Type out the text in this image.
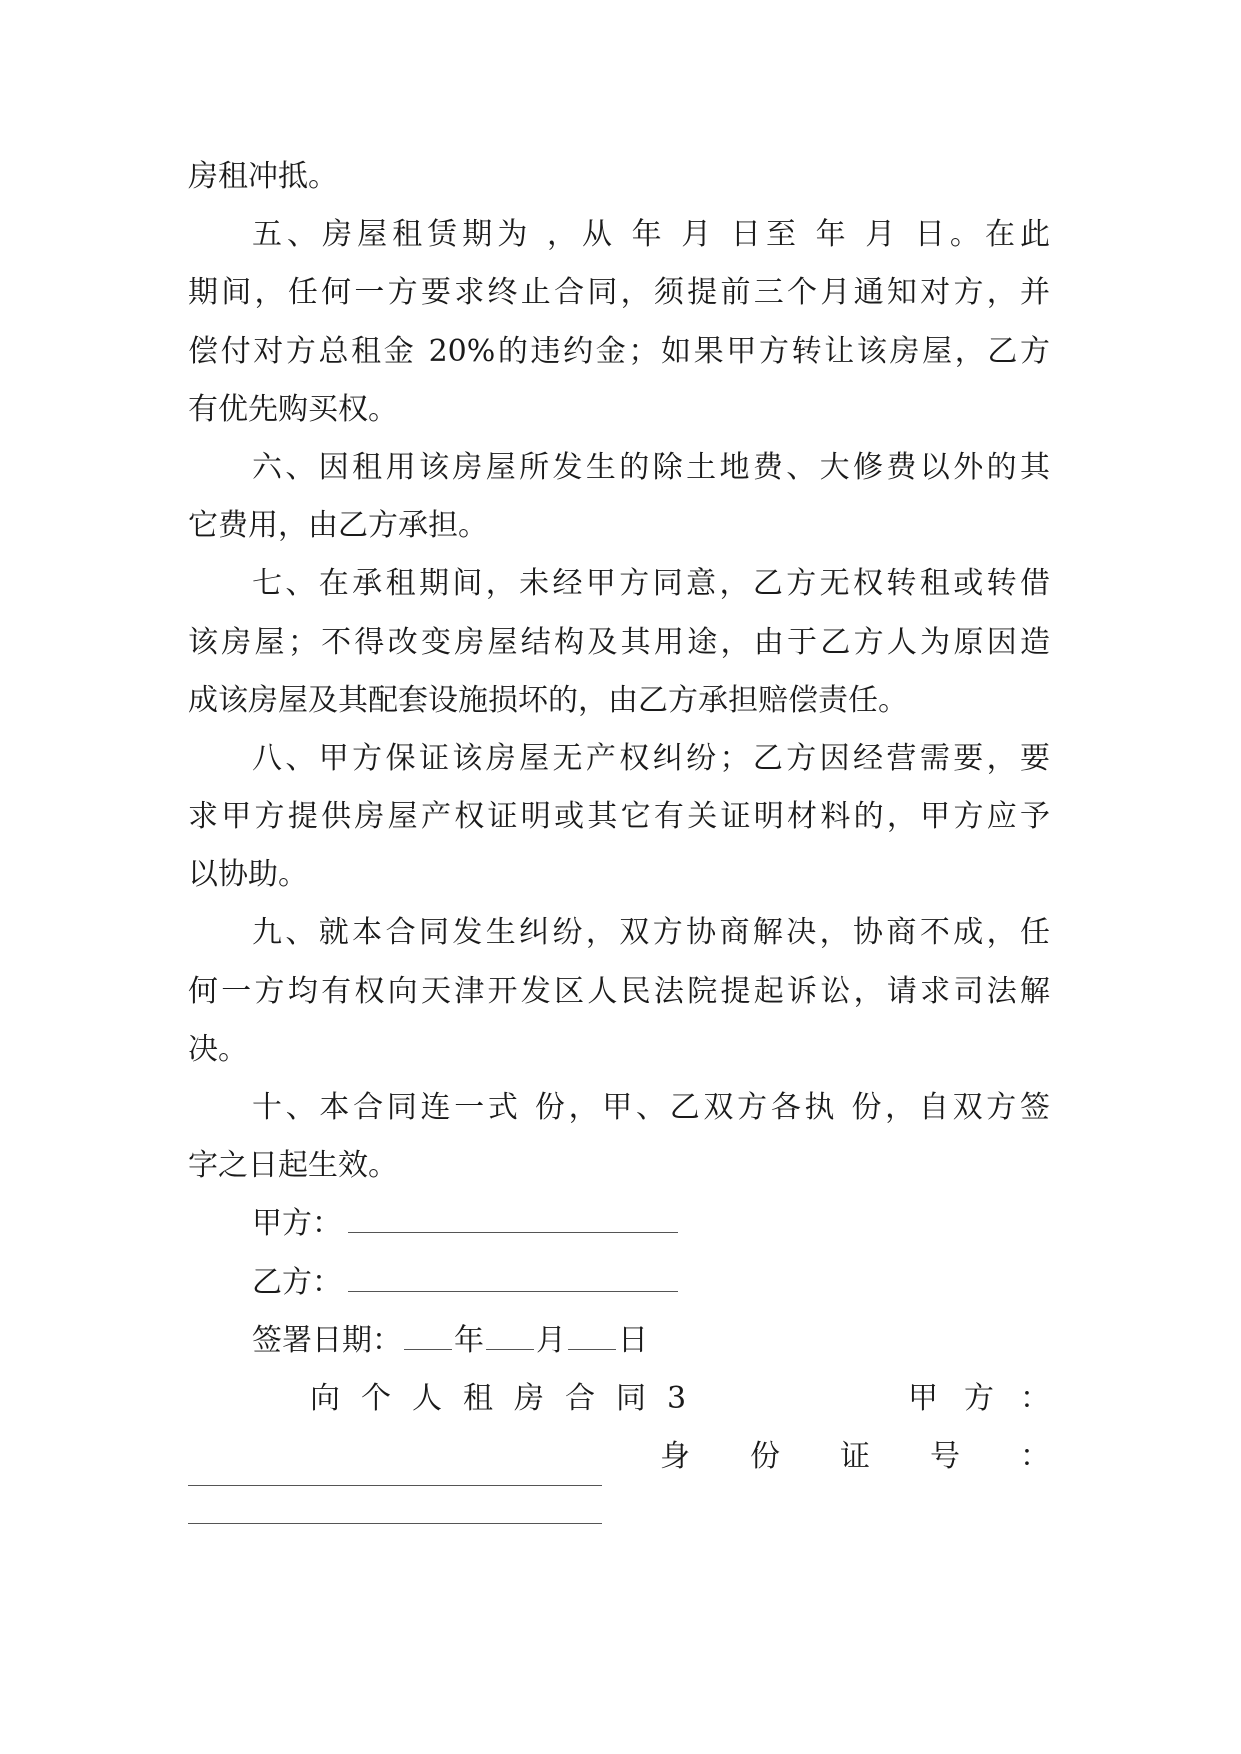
房租冲抵。
五、房屋租赁期为 ，从 年 月 日至 年 月 日。在此
期间，任何一方要求终止合同，须提前三个月通知对方，并
偿付对方总租金 20%的违约金；如果甲方转让该房屋，乙方
有优先购买权。
六、因租用该房屋所发生的除土地费、大修费以外的其
它费用，由乙方承担。
七、在承租期间，未经甲方同意，乙方无权转租或转借
该房屋；不得改变房屋结构及其用途，由于乙方人为原因造
成该房屋及其配套设施损坏的，由乙方承担赔偿责任。
八、甲方保证该房屋无产权纠纷；乙方因经营需要，要
求甲方提供房屋产权证明或其它有关证明材料的，甲方应予
以协助。
九、就本合同发生纠纷，双方协商解决，协商不成，任
何一方均有权向天津开发区人民法院提起诉讼，请求司法解
决。
十、本合同连一式 份，甲、乙双方各执 份，自双方签
字之日起生效。
甲方：
乙方：
签署日期： 年 月 日
向个人租房合同3	甲方：
身 份 证 号 ：
